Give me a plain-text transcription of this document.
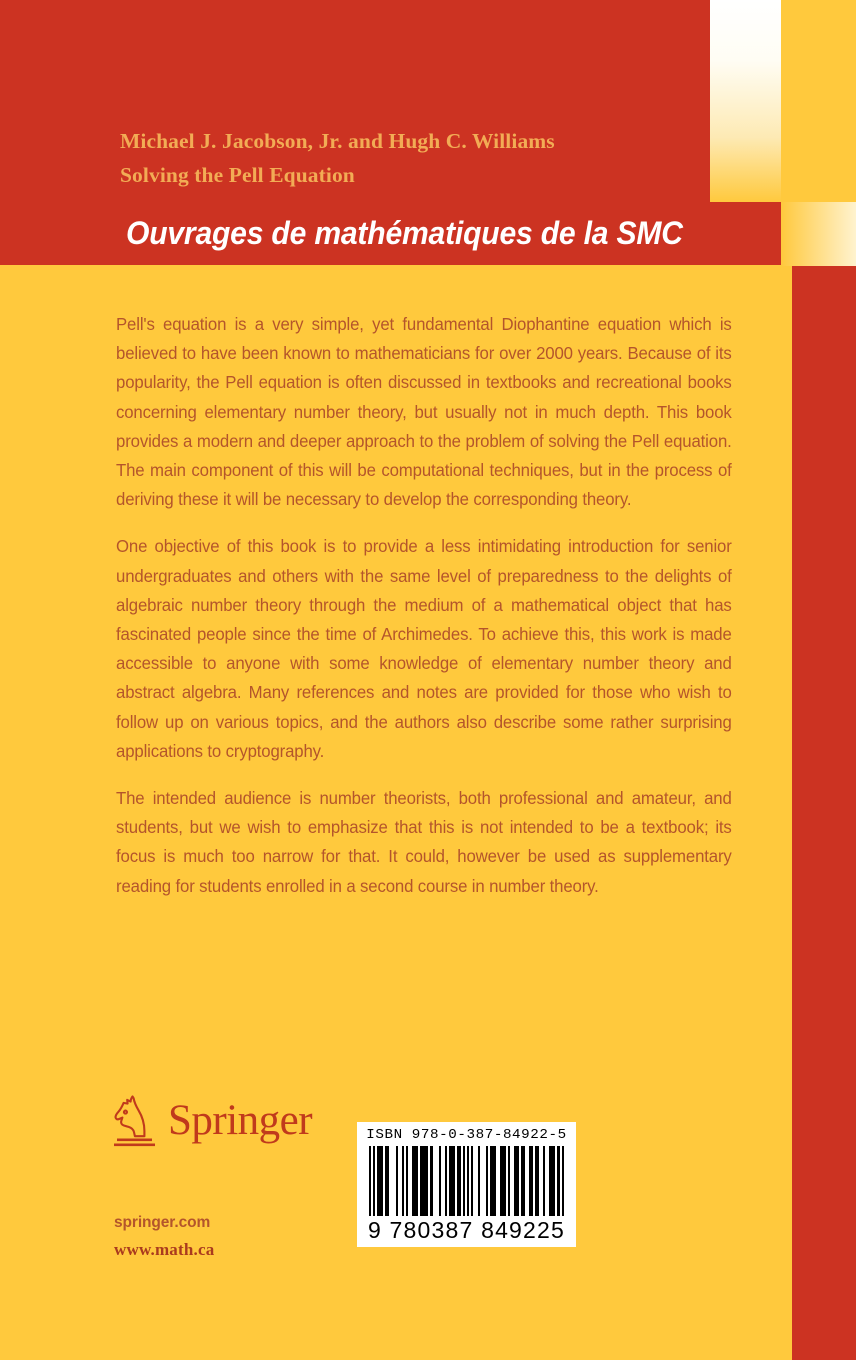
Michael J. Jacobson, Jr. and Hugh C. Williams
Solving the Pell Equation
Ouvrages de mathématiques de la SMC

Pell's equation is a very simple, yet fundamental Diophantine equation which is believed to have been known to mathematicians for over 2000 years. Because of its popularity, the Pell equation is often discussed in textbooks and recreational books concerning elementary number theory, but usually not in much depth. This book provides a modern and deeper approach to the problem of solving the Pell equation. The main component of this will be computational techniques, but in the process of deriving these it will be necessary to develop the corresponding theory.

One objective of this book is to provide a less intimidating introduction for senior undergraduates and others with the same level of preparedness to the delights of algebraic number theory through the medium of a mathematical object that has fascinated people since the time of Archimedes. To achieve this, this work is made accessible to anyone with some knowledge of elementary number theory and abstract algebra. Many references and notes are provided for those who wish to follow up on various topics, and the authors also describe some rather surprising applications to cryptography.

The intended audience is number theorists, both professional and amateur, and students, but we wish to emphasize that this is not intended to be a textbook; its focus is much too narrow for that. It could, however be used as supplementary reading for students enrolled in a second course in number theory.

Springer
springer.com
www.math.ca
ISBN 978-0-387-84922-5
9 780387 849225
